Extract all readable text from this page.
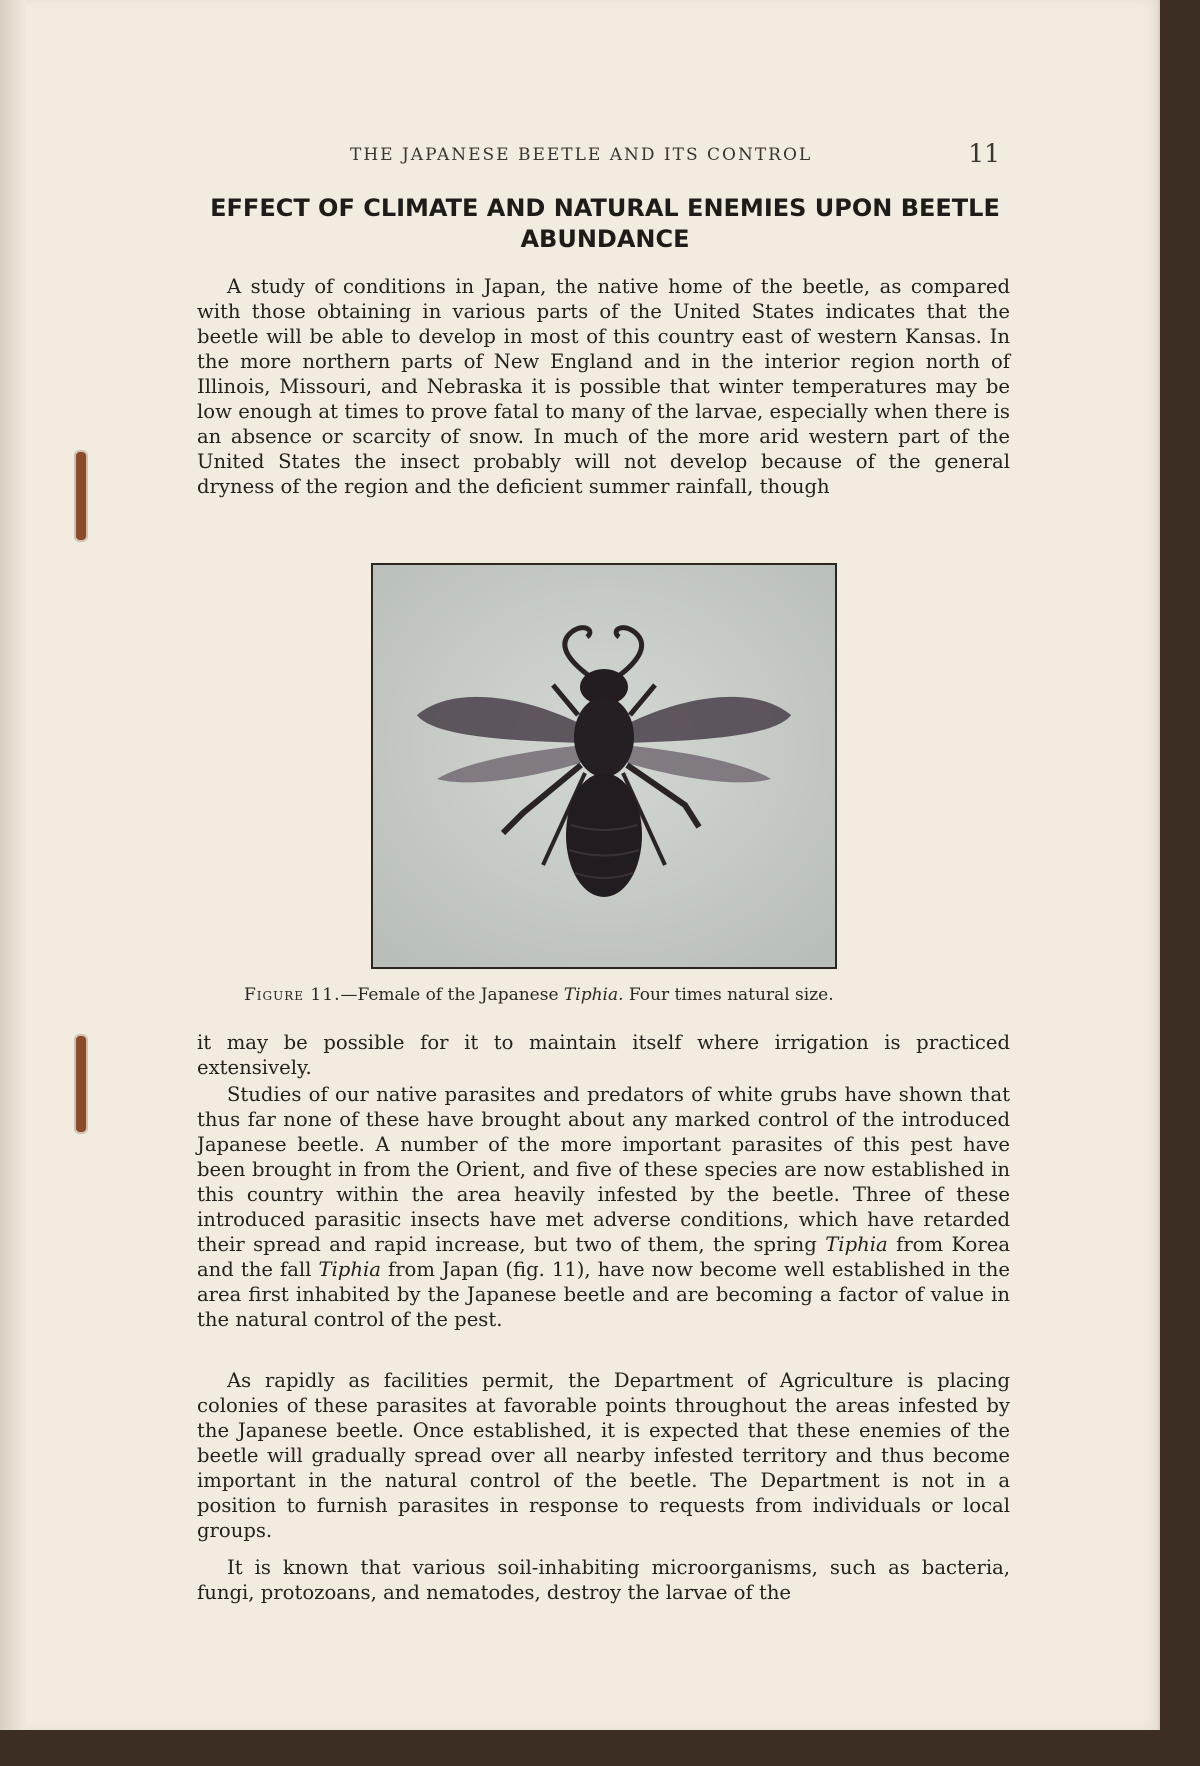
THE JAPANESE BEETLE AND ITS CONTROL	11
EFFECT OF CLIMATE AND NATURAL ENEMIES UPON BEETLE ABUNDANCE
A study of conditions in Japan, the native home of the beetle, as compared with those obtaining in various parts of the United States indicates that the beetle will be able to develop in most of this country east of western Kansas. In the more northern parts of New England and in the interior region north of Illinois, Missouri, and Nebraska it is possible that winter temperatures may be low enough at times to prove fatal to many of the larvae, especially when there is an absence or scarcity of snow. In much of the more arid western part of the United States the insect probably will not develop because of the general dryness of the region and the deficient summer rainfall, though
Figure 11.—Female of the Japanese Tiphia. Four times natural size.
it may be possible for it to maintain itself where irrigation is practiced extensively.
Studies of our native parasites and predators of white grubs have shown that thus far none of these have brought about any marked control of the introduced Japanese beetle. A number of the more important parasites of this pest have been brought in from the Orient, and five of these species are now established in this country within the area heavily infested by the beetle. Three of these introduced parasitic insects have met adverse conditions, which have retarded their spread and rapid increase, but two of them, the spring Tiphia from Korea and the fall Tiphia from Japan (fig. 11), have now become well established in the area first inhabited by the Japanese beetle and are becoming a factor of value in the natural control of the pest.
As rapidly as facilities permit, the Department of Agriculture is placing colonies of these parasites at favorable points throughout the areas infested by the Japanese beetle. Once established, it is expected that these enemies of the beetle will gradually spread over all nearby infested territory and thus become important in the natural control of the beetle. The Department is not in a position to furnish parasites in response to requests from individuals or local groups.
It is known that various soil-inhabiting microorganisms, such as bacteria, fungi, protozoans, and nematodes, destroy the larvae of the
